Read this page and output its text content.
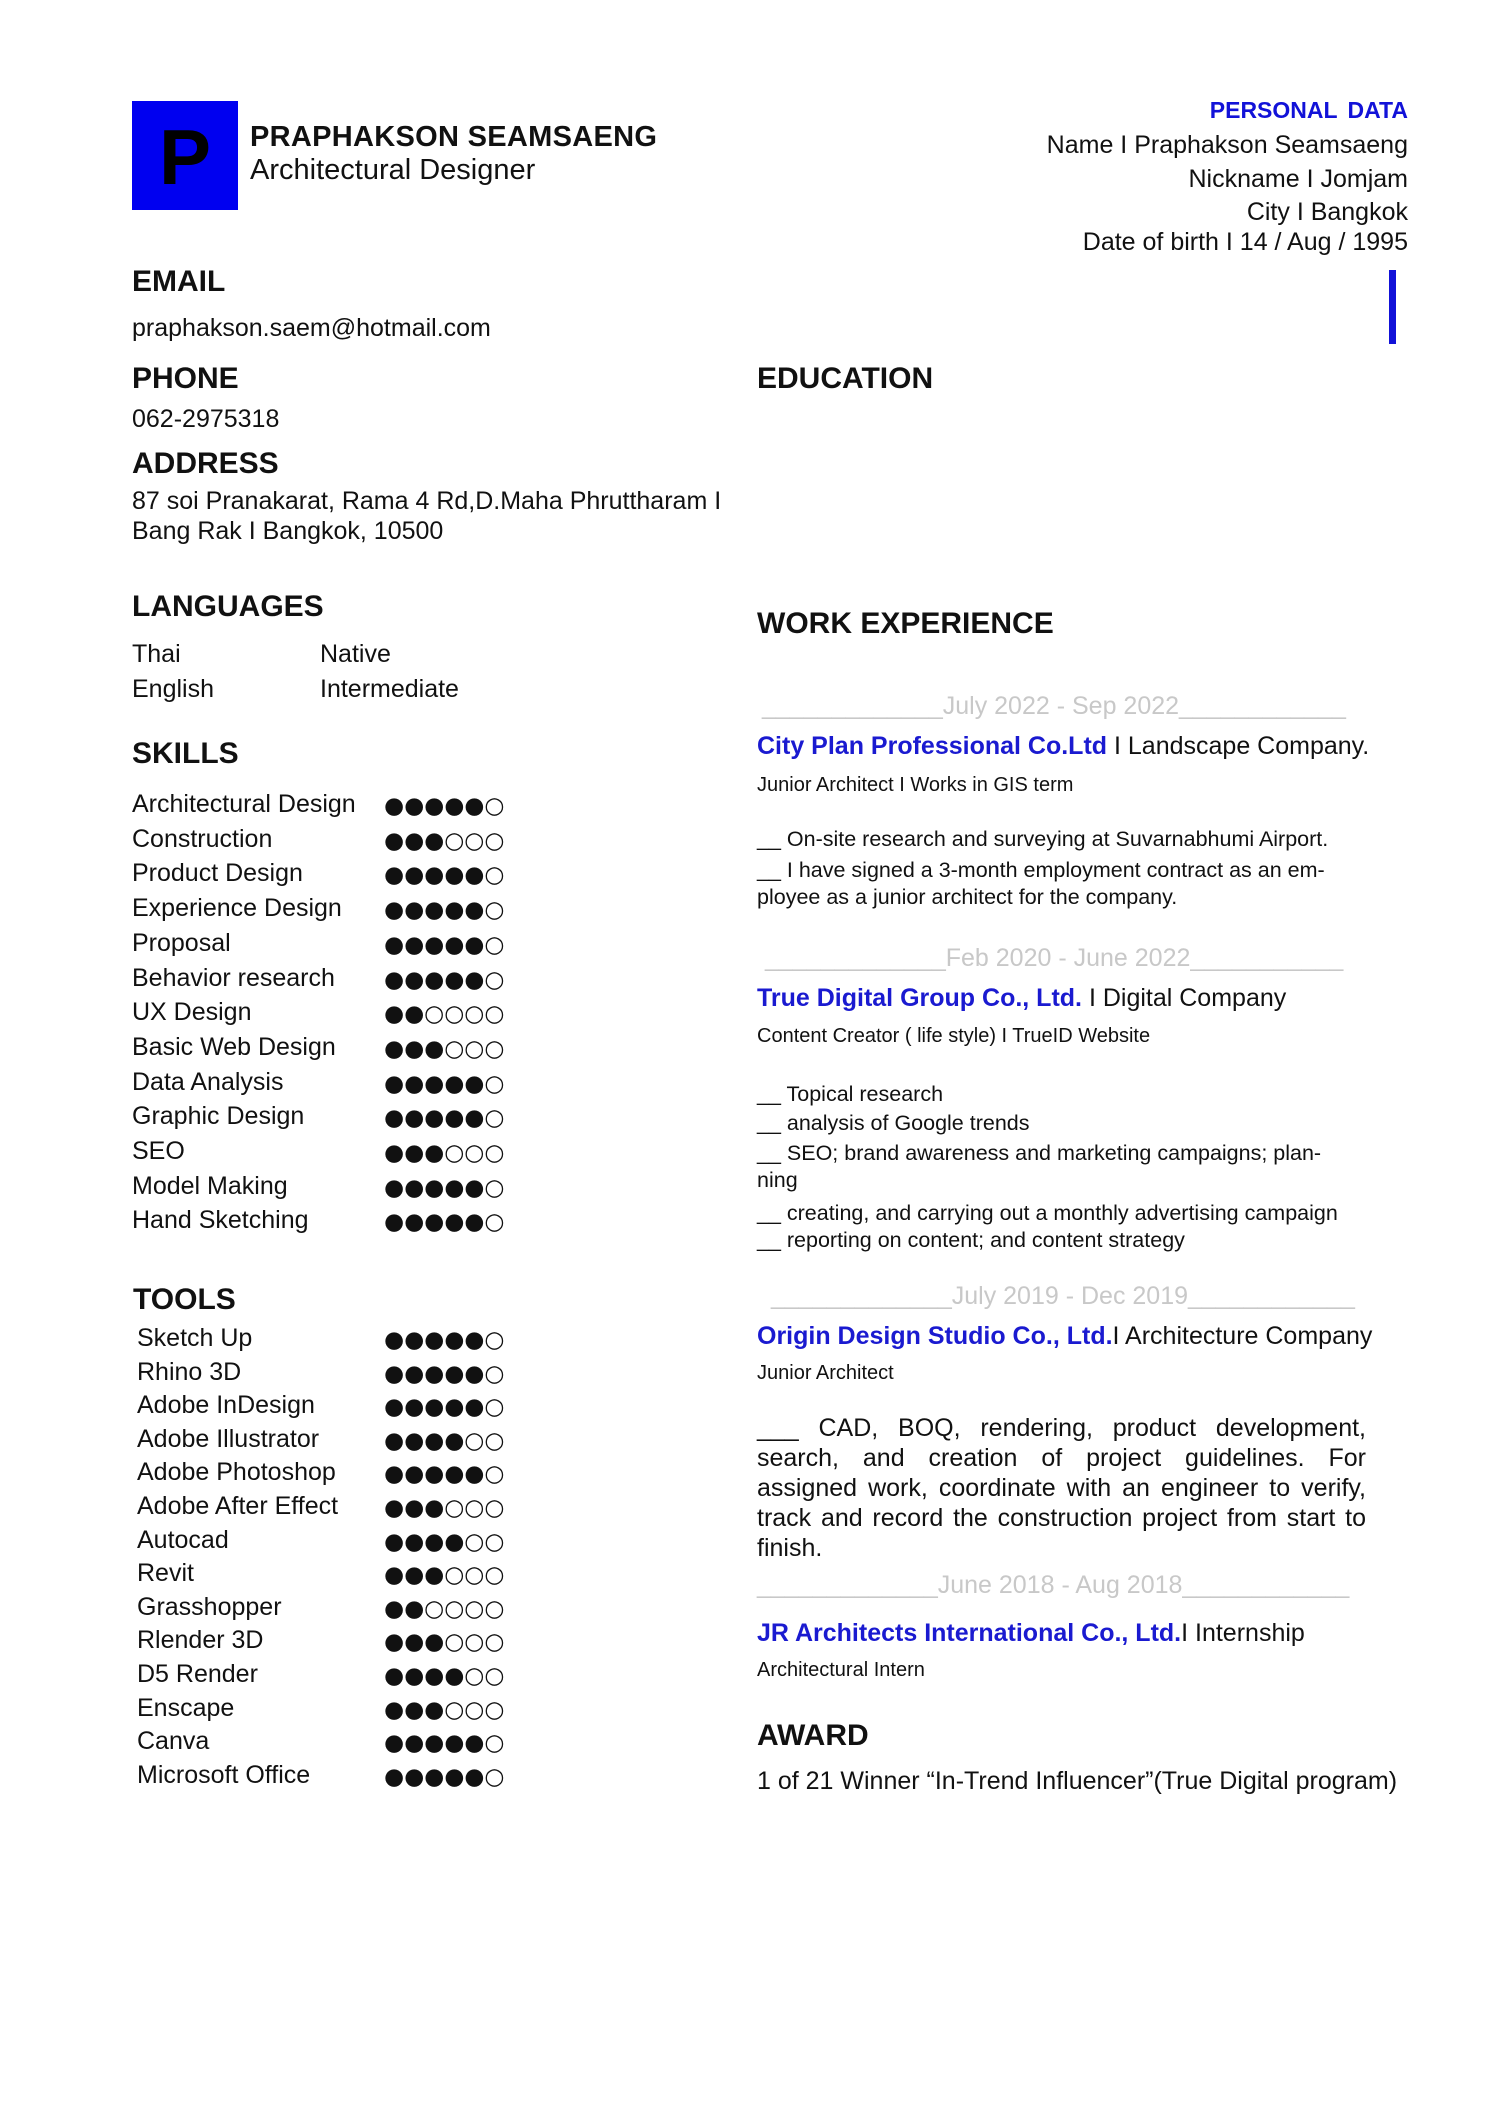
P	PRAPHAKSON SEAMSAENG
Architectural Designer
PERSONAL DATA
Name I Praphakson Seamsaeng
Nickname I Jomjam
City I Bangkok
Date of birth I 14 / Aug / 1995
EMAIL
praphakson.saem@hotmail.com
PHONE
062-2975318
ADDRESS
87 soi Pranakarat, Rama 4 Rd,D.Maha Phruttharam I
Bang Rak I Bangkok, 10500
EDUCATION
LANGUAGES
Thai	Native
English	Intermediate
SKILLS
Architectural Design ●●●●●○
Construction	●●●○○○
Product Design	●●●●●○
Experience Design ●●●●●○
Proposal	●●●●●○
Behavior research ●●●●●○
UX Design	●●○○○○
Basic Web Design ●●●○○○
Data Analysis	●●●●●○
Graphic Design	●●●●●○
SEO	●●●○○○
Model Making	●●●●●○
Hand Sketching	●●●●●○
TOOLS
Sketch Up	●●●●●○
Rhino 3D	●●●●●○
Adobe InDesign	●●●●●○
Adobe Illustrator	●●●●○○
Adobe Photoshop ●●●●●○
Adobe After Effect ●●●○○○
Autocad	●●●●○○
Revit	●●●○○○
Grasshopper	●●○○○○
Rlender 3D	●●●○○○
D5 Render	●●●●○○
Enscape	●●●○○○
Canva	●●●●●○
Microsoft Office	●●●●●○
WORK EXPERIENCE
_____________July 2022 - Sep 2022____________
City Plan Professional Co.Ltd I Landscape Company.
Junior Architect I Works in GIS term
__ On-site research and surveying at Suvarnabhumi Airport.
__ I have signed a 3-month employment contract as an em-
ployee as a junior architect for the company.
_____________Feb 2020 - June 2022___________
True Digital Group Co., Ltd. I Digital Company
Content Creator ( life style) I TrueID Website
__ Topical research
__ analysis of Google trends
__ SEO; brand awareness and marketing campaigns; plan-
ning
__ creating, and carrying out a monthly advertising campaign
__ reporting on content; and content strategy
_____________July 2019 - Dec 2019____________
Origin Design Studio Co., Ltd.I Architecture Company
Junior Architect
___ CAD, BOQ, rendering, product development, search, and creation of project guidelines. For assigned work, coordinate with an engineer to verify, track and record the construction project from start to finish.
_____________June 2018 - Aug 2018____________
JR Architects International Co., Ltd.I Internship
Architectural Intern
AWARD
1 of 21 Winner “In-Trend Influencer”(True Digital program)
